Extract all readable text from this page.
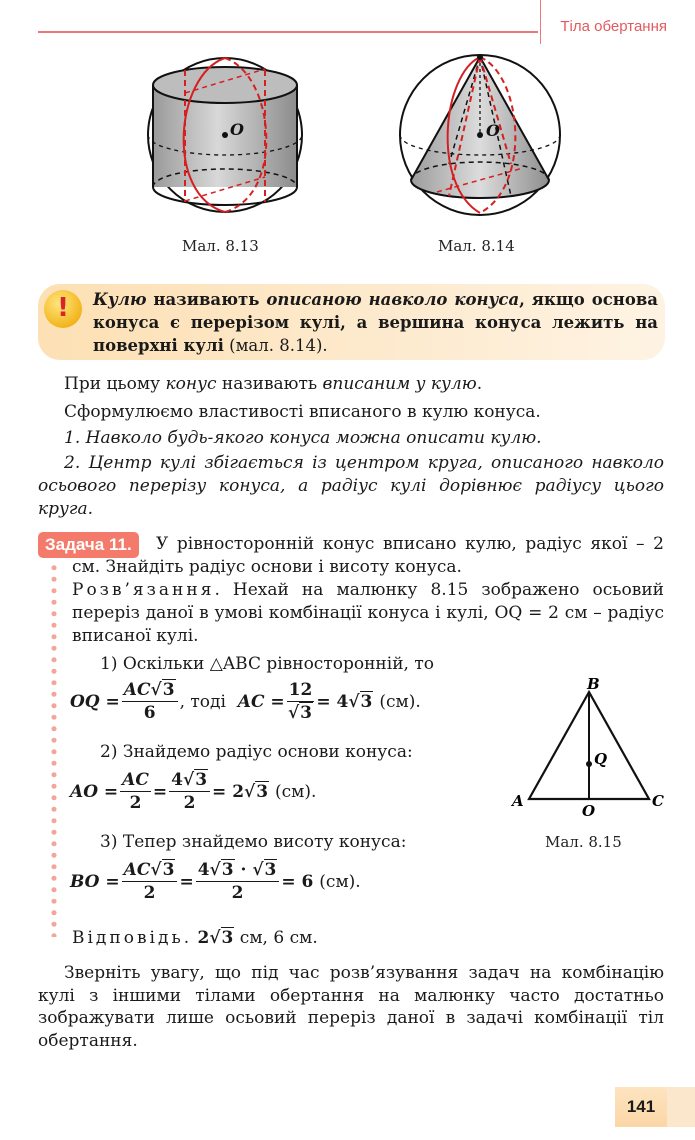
Тіла обертання
O
Мал. 8.13
O
Мал. 8.14
!	Кулю називають описаною навколо конуса, якщо основа конуса є перерізом кулі, а вершина конуса лежить на поверхні кулі (мал. 8.14).
При цьому конус називають вписаним у кулю.
Сформулюємо властивості вписаного в кулю конуса.
1. Навколо будь-якого конуса можна описати кулю.
2. Центр кулі збігається із центром круга, описаного навколо осьового перерізу конуса, а радіус кулі дорівнює радіусу цього круга.
Задача 11.	У рівносторонній конус вписано кулю, радіус якої – 2 см. Знайдіть радіус основи і висоту конуса.
Розв’язання. Нехай на малюнку 8.15 зображено осьовий переріз даної в умові комбінації конуса і кулі, OQ = 2 см – радіус вписаної кулі.
1) Оскільки △ABC рівносторонній, то
OQ
= $\frac{AC√3}{6}$ , тоді
AC
= $\frac{12}{√3}$ =
4 √ 3
(см).
2) Знайдемо радіус основи конуса:
AO
= $\frac{AC}{2} = \frac{4√3}{2}$ =
2 √ 3
(см).
3) Тепер знайдемо висоту конуса:
BO
= $\frac{AC√3}{2} = \frac{4√3 \cdot √3}{2}$ =
6
(см).
Відповідь. 2√3 см, 6 см.
B
Q
A	C
O
Мал. 8.15
Зверніть увагу, що під час розв’язування задач на комбінацію кулі з іншими тілами обертання на малюнку часто достатньо зображувати лише осьовий переріз даної в задачі комбінації тіл обертання.
141
